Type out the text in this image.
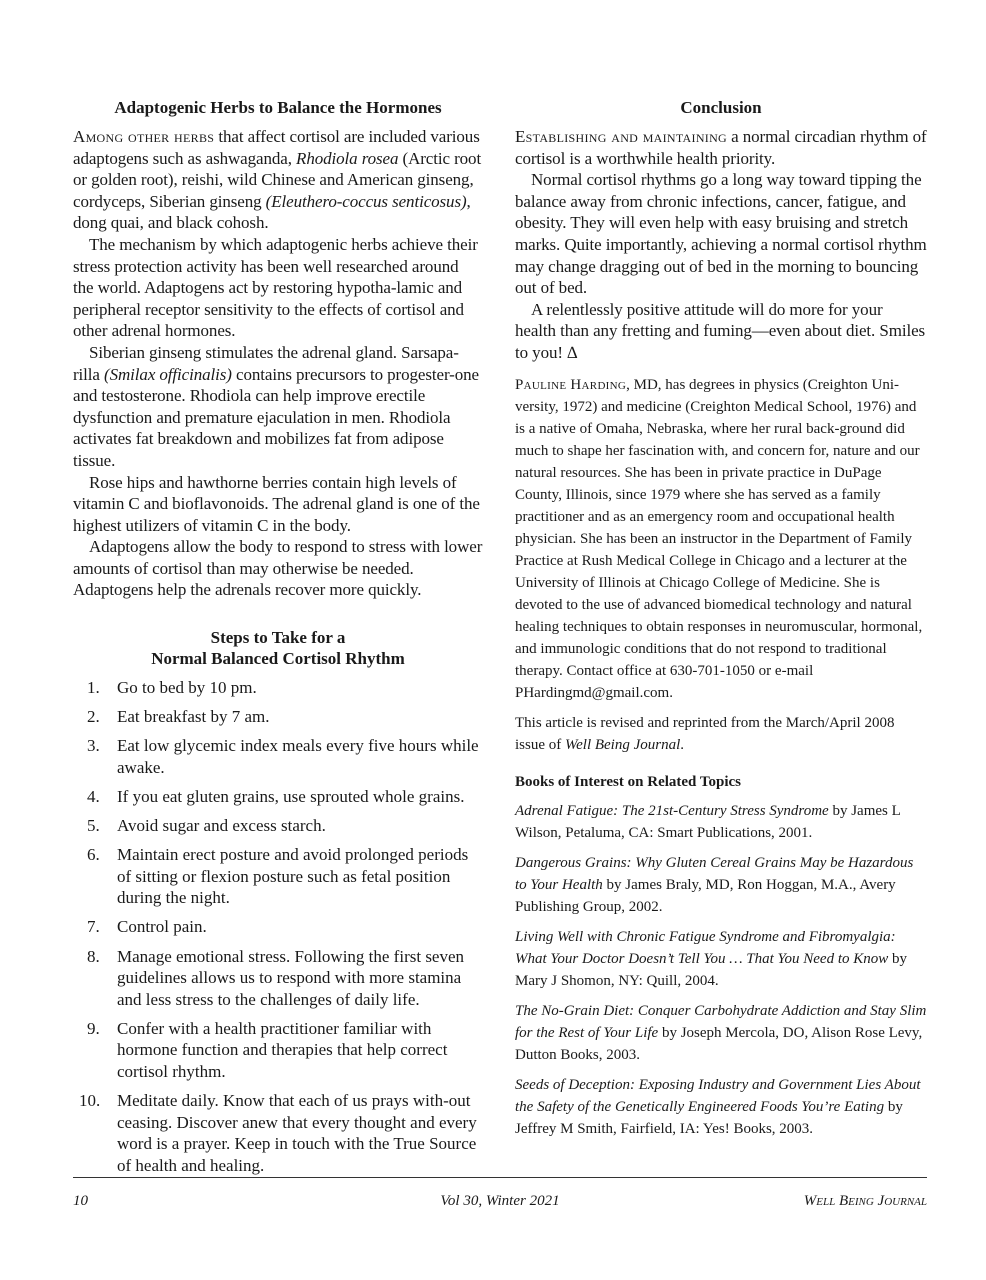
Adaptogenic Herbs to Balance the Hormones

Among other herbs that affect cortisol are included various adaptogens such as ashwaganda, Rhodiola rosea (Arctic root or golden root), reishi, wild Chinese and American ginseng, cordyceps, Siberian ginseng (Eleuthero-coccus senticosus), dong quai, and black cohosh.

The mechanism by which adaptogenic herbs achieve their stress protection activity has been well researched around the world. Adaptogens act by restoring hypotha-lamic and peripheral receptor sensitivity to the effects of cortisol and other adrenal hormones.

Siberian ginseng stimulates the adrenal gland. Sarsapa-rilla (Smilax officinalis) contains precursors to progester-one and testosterone. Rhodiola can help improve erectile dysfunction and premature ejaculation in men. Rhodiola activates fat breakdown and mobilizes fat from adipose tissue.

Rose hips and hawthorne berries contain high levels of vitamin C and bioflavonoids. The adrenal gland is one of the highest utilizers of vitamin C in the body.

Adaptogens allow the body to respond to stress with lower amounts of cortisol than may otherwise be needed. Adaptogens help the adrenals recover more quickly.

Steps to Take for a
Normal Balanced Cortisol Rhythm

1.	Go to bed by 10 pm.
2.	Eat breakfast by 7 am.
3.	Eat low glycemic index meals every five hours while awake.
4.	If you eat gluten grains, use sprouted whole grains.
5.	Avoid sugar and excess starch.
6.	Maintain erect posture and avoid prolonged periods of sitting or flexion posture such as fetal position during the night.
7.	Control pain.
8.	Manage emotional stress. Following the first seven guidelines allows us to respond with more stamina and less stress to the challenges of daily life.
9.	Confer with a health practitioner familiar with hormone function and therapies that help correct cortisol rhythm.
10. Meditate daily. Know that each of us prays with-out ceasing. Discover anew that every thought and every word is a prayer. Keep in touch with the True Source of health and healing.

Conclusion

Establishing and maintaining a normal circadian rhythm of cortisol is a worthwhile health priority.

Normal cortisol rhythms go a long way toward tipping the balance away from chronic infections, cancer, fatigue, and obesity. They will even help with easy bruising and stretch marks. Quite importantly, achieving a normal cortisol rhythm may change dragging out of bed in the morning to bouncing out of bed.

A relentlessly positive attitude will do more for your health than any fretting and fuming—even about diet. Smiles to you! ∆

Pauline Harding, MD, has degrees in physics (Creighton Uni-versity, 1972) and medicine (Creighton Medical School, 1976) and is a native of Omaha, Nebraska, where her rural back-ground did much to shape her fascination with, and concern for, nature and our natural resources. She has been in private practice in DuPage County, Illinois, since 1979 where she has served as a family practitioner and as an emergency room and occupational health physician. She has been an instructor in the Department of Family Practice at Rush Medical College in Chicago and a lecturer at the University of Illinois at Chicago College of Medicine. She is devoted to the use of advanced biomedical technology and natural healing techniques to obtain responses in neuromuscular, hormonal, and immunologic conditions that do not respond to traditional therapy. Contact office at 630-701-1050 or e-mail PHardingmd@gmail.com.

This article is revised and reprinted from the March/April 2008 issue of Well Being Journal.

Books of Interest on Related Topics

Adrenal Fatigue: The 21st-Century Stress Syndrome by James L Wilson, Petaluma, CA: Smart Publications, 2001.

Dangerous Grains: Why Gluten Cereal Grains May be Hazardous to Your Health by James Braly, MD, Ron Hoggan, M.A., Avery Publishing Group, 2002.

Living Well with Chronic Fatigue Syndrome and Fibromyalgia: What Your Doctor Doesn’t Tell You … That You Need to Know by Mary J Shomon, NY: Quill, 2004.

The No-Grain Diet: Conquer Carbohydrate Addiction and Stay Slim for the Rest of Your Life by Joseph Mercola, DO, Alison Rose Levy, Dutton Books, 2003.

Seeds of Deception: Exposing Industry and Government Lies About the Safety of the Genetically Engineered Foods You’re Eating by Jeffrey M Smith, Fairfield, IA: Yes! Books, 2003.

10	Vol 30, Winter 2021	Well Being Journal
